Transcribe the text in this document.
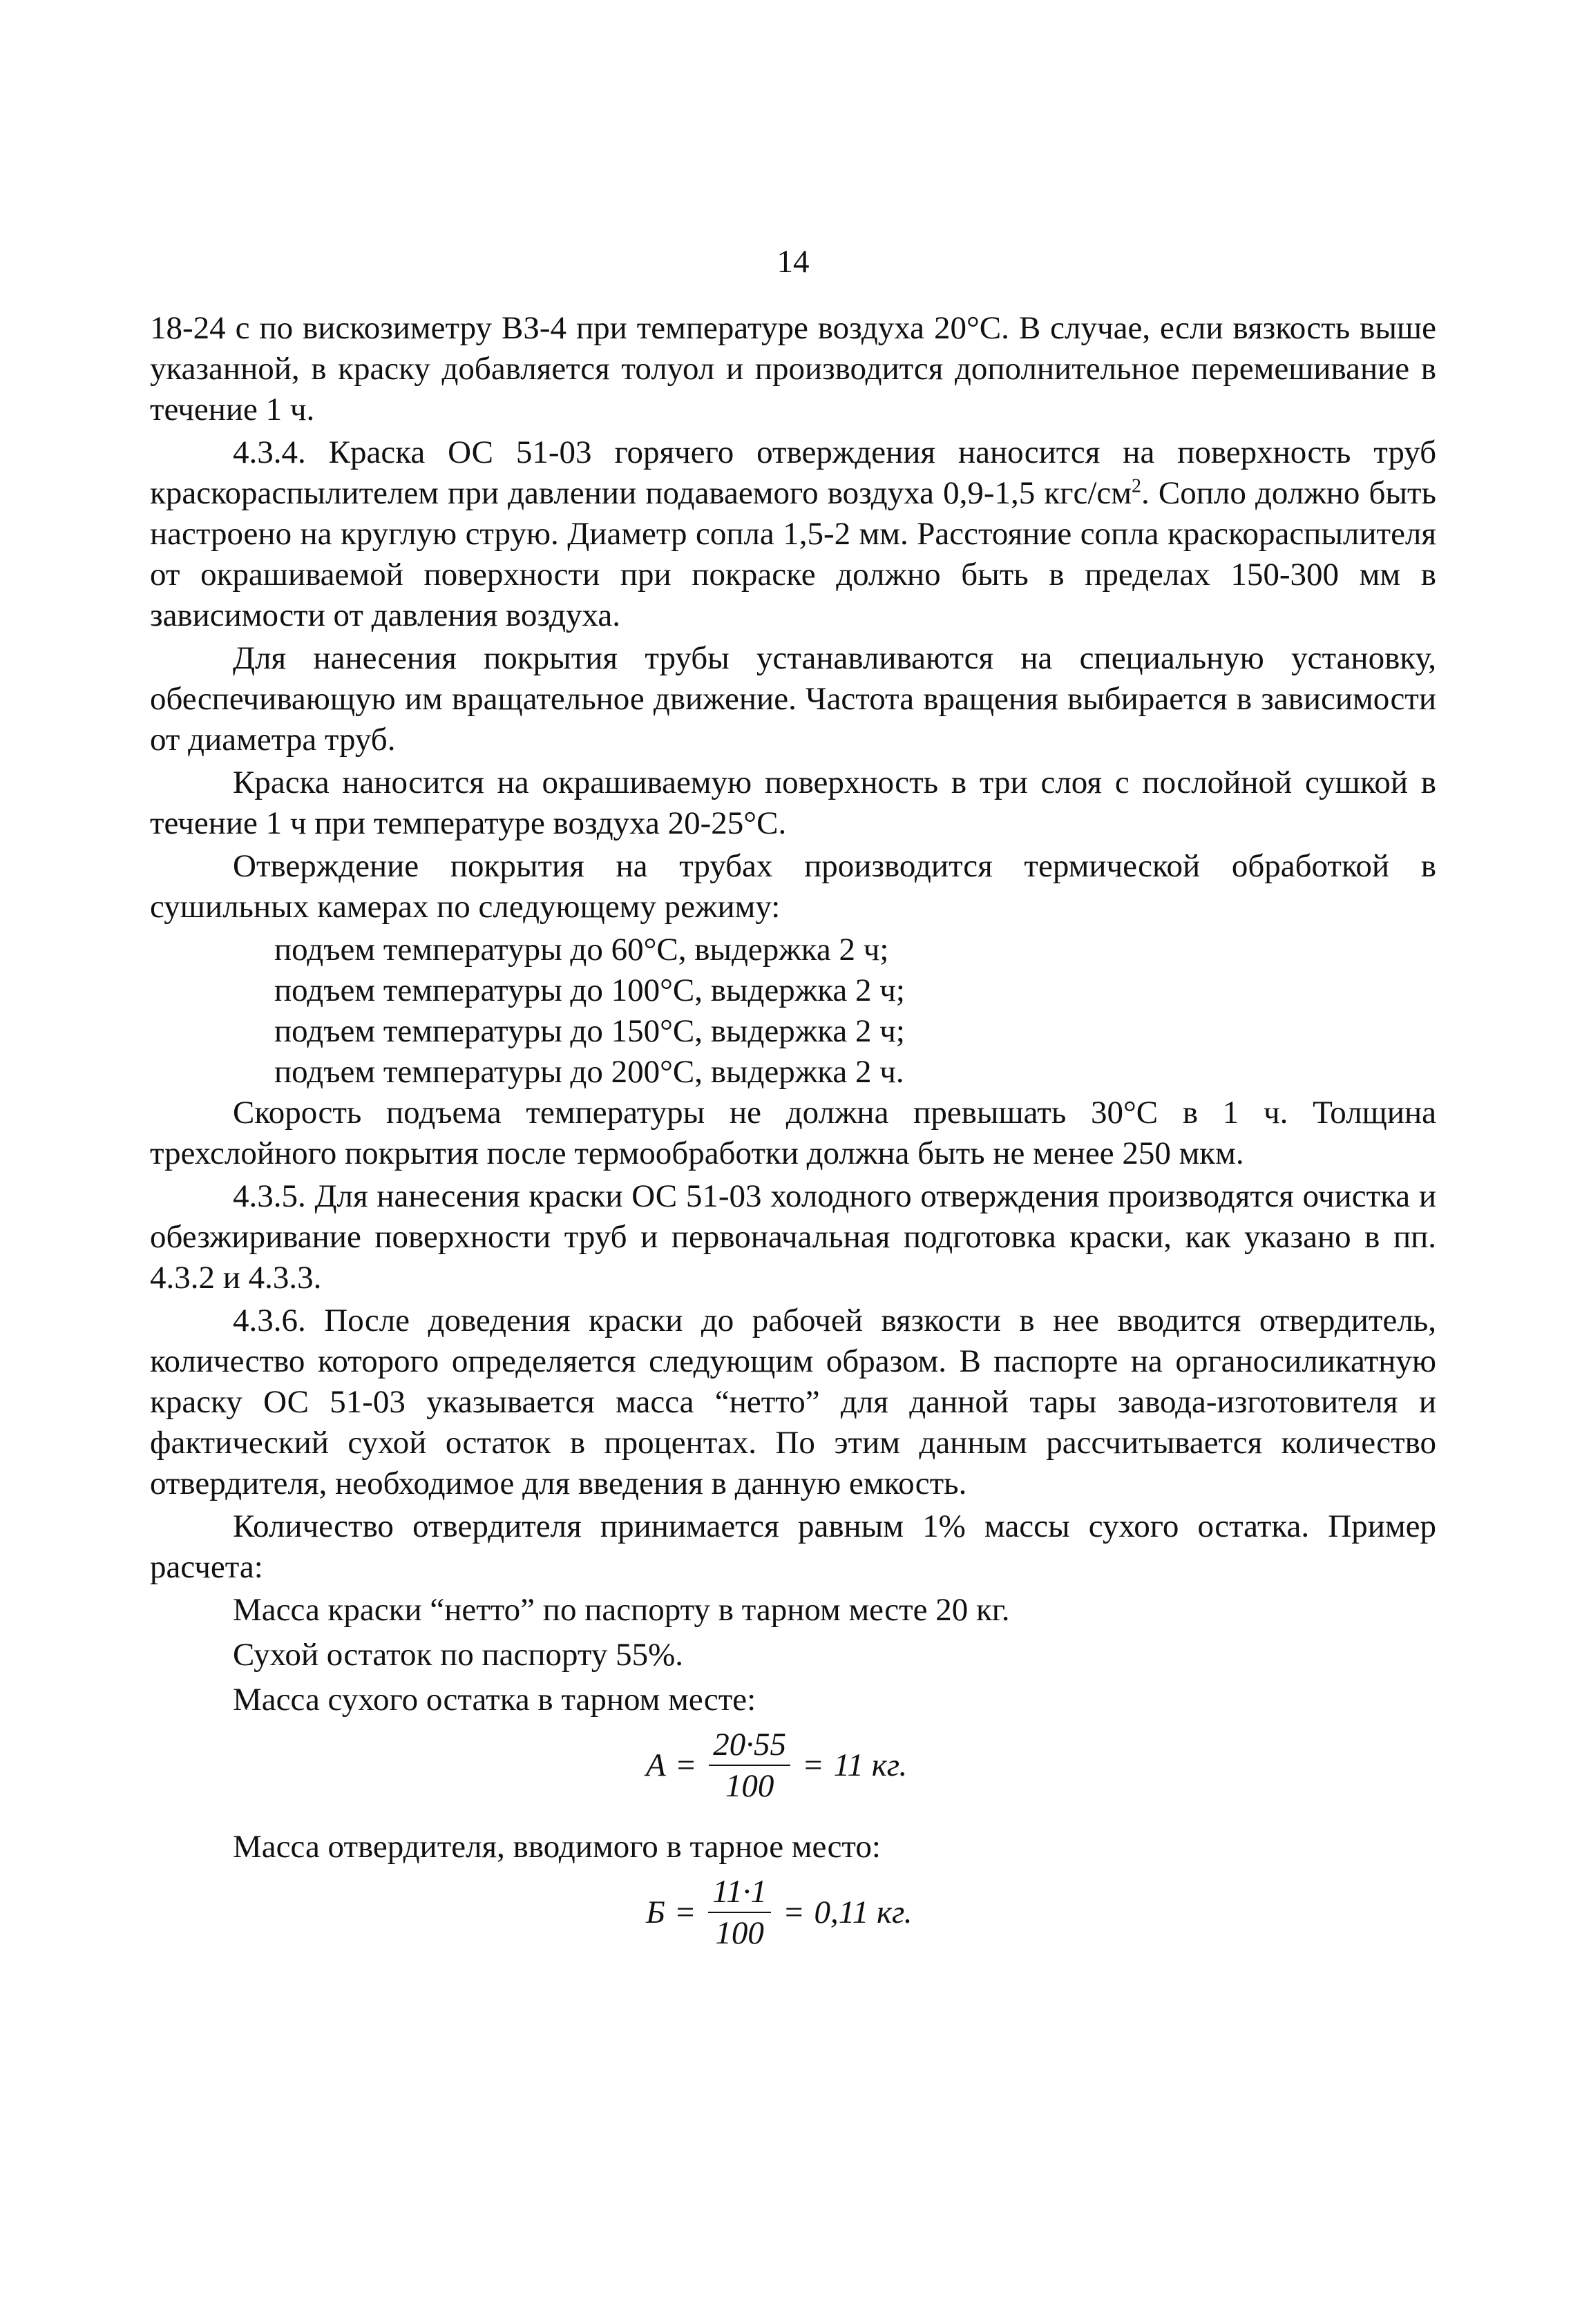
14

18-24 с по вискозиметру ВЗ-4 при температуре воздуха 20°С. В случае, если вязкость выше указанной, в краску добавляется толуол и производится дополнительное перемешивание в течение 1 ч.

4.3.4. Краска ОС 51-03 горячего отверждения наносится на поверхность труб краскораспылителем при давлении подаваемого воздуха 0,9-1,5 кгс/$см^2$. Сопло должно быть настроено на круглую струю. Диаметр сопла 1,5-2 мм. Расстояние сопла краскораспылителя от окрашиваемой поверхности при покраске должно быть в пределах 150-300 мм в зависимости от давления воздуха.

Для нанесения покрытия трубы устанавливаются на специальную установку, обеспечивающую им вращательное движение. Частота вращения выбирается в зависимости от диаметра труб.

Краска наносится на окрашиваемую поверхность в три слоя с послойной сушкой в течение 1 ч при температуре воздуха 20-25°С.

Отверждение покрытия на трубах производится термической обработкой в сушильных камерах по следующему режиму:

подъем температуры до 60°С, выдержка 2 ч;

подъем температуры до 100°С, выдержка 2 ч;

подъем температуры до 150°С, выдержка 2 ч;

подъем температуры до 200°С, выдержка 2 ч.

Скорость подъема температуры не должна превышать 30°С в 1 ч. Толщина трехслойного покрытия после термообработки должна быть не менее 250 мкм.

4.3.5. Для нанесения краски ОС 51-03 холодного отверждения производятся очистка и обезжиривание поверхности труб и первоначальная подготовка краски, как указано в пп. 4.3.2 и 4.3.3.

4.3.6. После доведения краски до рабочей вязкости в нее вводится отвердитель, количество которого определяется следующим образом. В паспорте на органосиликатную краску ОС 51-03 указывается масса “нетто” для данной тары завода-изготовителя и фактический сухой остаток в процентах. По этим данным рассчитывается количество отвердителя, необходимое для введения в данную емкость.

Количество отвердителя принимается равным 1% массы сухого остатка. Пример расчета:

Масса краски “нетто” по паспорту в тарном месте 20 кг.

Сухой остаток по паспорту 55%.

Масса сухого остатка в тарном месте:

$А = \frac{20\cdot 55}{100} = 11$ кг.

Масса отвердителя, вводимого в тарное место:

$Б = \frac{11\cdot 1}{100} = 0,11$ кг.
